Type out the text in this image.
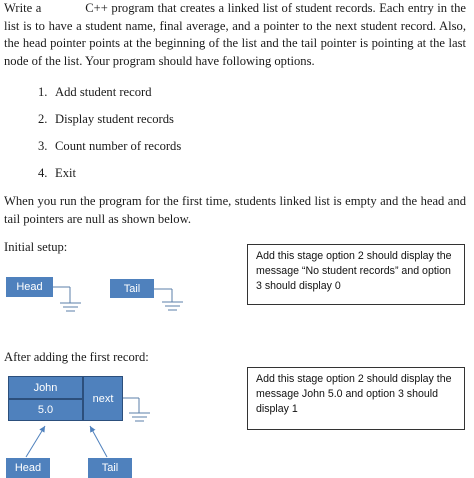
Write a	C++ program that creates a linked list of student records. Each entry in the list is to have a student name, final average, and a pointer to the next student record. Also, the head pointer points at the beginning of the list and the tail pointer is pointing at the last node of the list. Your program should have following options.

1. Add student record

2. Display student records

3. Count number of records

4. Exit

When you run the program for the first time, students linked list is empty and the head and tail pointers are null as shown below.

Initial setup:

Head	Tail
Add this stage option 2 should display the message “No student records” and option 3 should display 0

After adding the first record:

John
5.0
next
Head	Tail
Add this stage option 2 should display the message John 5.0 and option 3 should display 1
